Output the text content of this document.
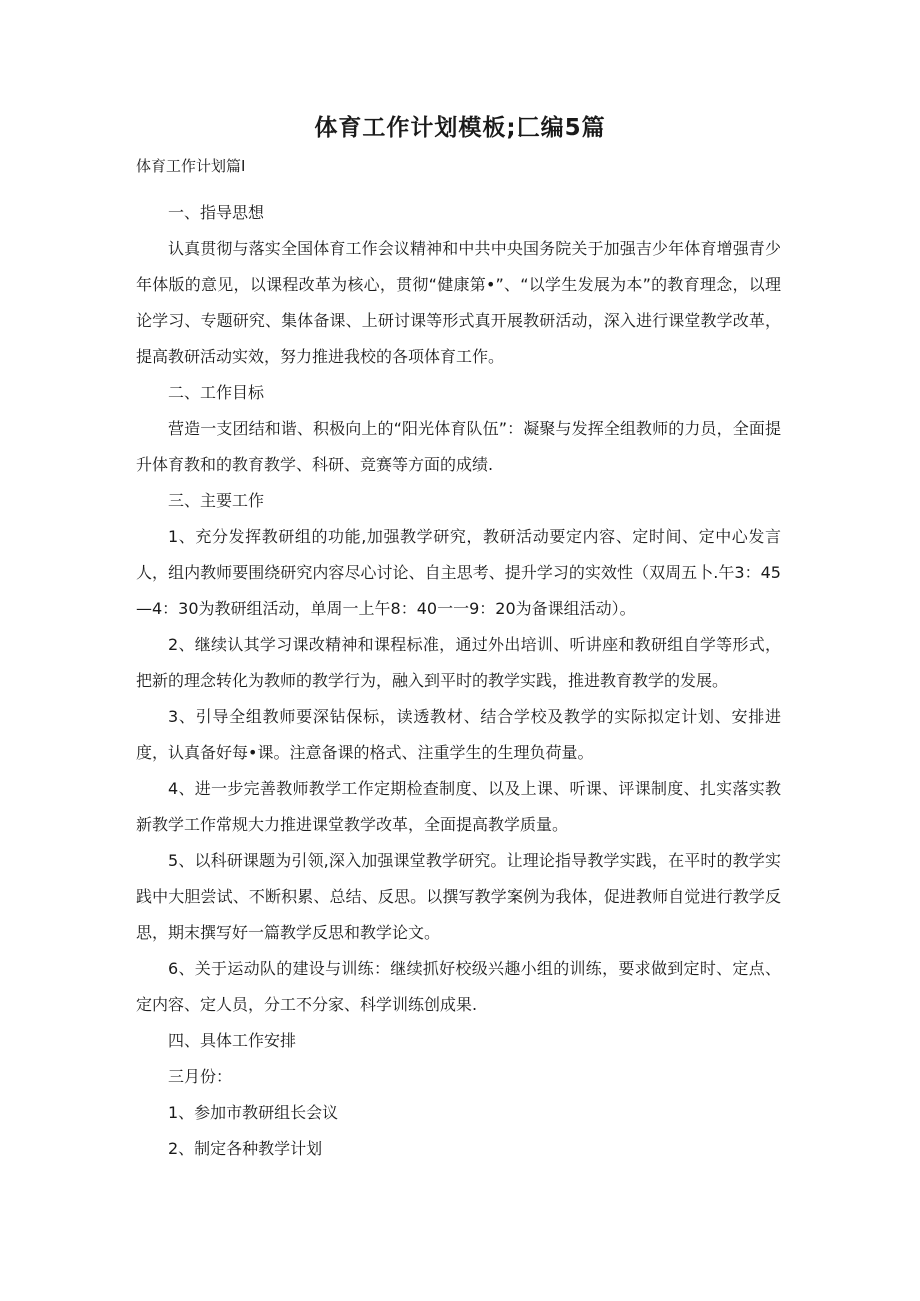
体育工作计划模板;匚编5篇
体育工作计划篇I

一、指导思想

认真贯彻与落实全国体育工作会议精神和中共中央国务院关于加强吉少年体育增强青少年体版的意见，以课程改革为核心，贯彻“健康第•”、“以学生发展为本”的教育理念，以理论学习、专题研究、集体备课、上研讨课等形式真开展教研活动，深入进行课堂教学改革，提高教研活动实效，努力推进我校的各项体育工作。

二、工作目标

营造一支团结和谐、积极向上的“阳光体育队伍”：凝聚与发挥全组教师的力员，全面提升体育教和的教育教学、科研、竞赛等方面的成绩.

三、主要工作

1、充分发挥教研组的功能,加强教学研究，教研活动要定内容、定时间、定中心发言人，组内教师要围绕研究内容尽心讨论、自主思考、提升学习的实效性（双周五卜.午3：45—4：30为教研组活动，单周一上午8：40一一9：20为备课组活动）。

2、继续认其学习课改精神和课程标准，通过外出培训、听讲座和教研组自学等形式，把新的理念转化为教师的教学行为，融入到平时的教学实践，推进教育教学的发展。

3、引导全组教师要深钻保标，读透教材、结合学校及教学的实际拟定计划、安排进度，认真备好每•课。注意备课的格式、注重学生的生理负荷量。

4、进一步完善教师教学工作定期检查制度、以及上课、听课、评课制度、扎实落实教新教学工作常规大力推进课堂教学改革，全面提高教学质量。

5、以科研课题为引领,深入加强课堂教学研究。让理论指导教学实践，在平时的教学实践中大胆尝试、不断积累、总结、反思。以撰写教学案例为我体，促进教师自觉进行教学反思，期末撰写好一篇教学反思和教学论文。

6、关于运动队的建设与训练：继续抓好校级兴趣小组的训练，要求做到定时、定点、定内容、定人员，分工不分家、科学训练创成果.

四、具体工作安排

三月份：

1、参加市教研组长会议

2、制定各种教学计划
